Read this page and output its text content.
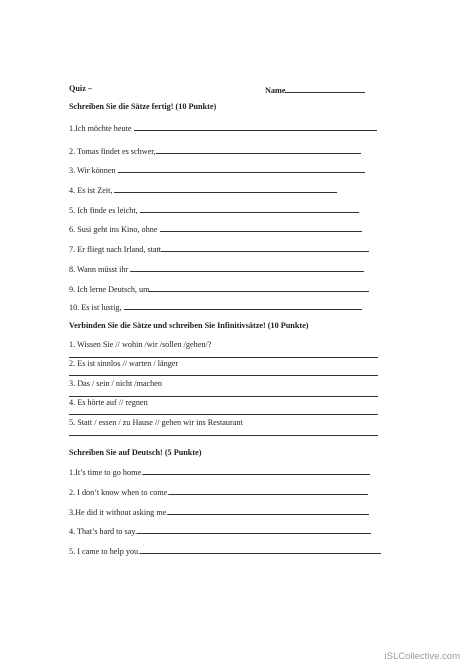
Quiz –	Name
Schreiben Sie die Sätze fertig! (10 Punkte)
1.Ich möchte heute
2. Tomas findet es schwer,
3. Wir können
4. Es ist Zeit,
5. Ich finde es leicht,
6. Susi geht ins Kino, ohne
7. Er fliegt nach Irland, statt
8. Wann müsst ihr
9. Ich lerne Deutsch, um
10. Es ist lustig,
Verbinden Sie die Sätze und schreiben Sie Infinitivsätze! (10 Punkte)
1. Wissen Sie // wohin /wir /sollen /gehen/?
2. Es ist sinnlos // warten / länger
3. Das / sein / nicht /machen
4. Es hörte auf // regnen
5. Statt / essen / zu Hause // gehen wir ins Restaurant
Schreiben Sie auf Deutsch! (5 Punkte)
1.It’s time to go home.
2. I don’t know when to come.
3.He did it without asking me.
4. That’s hard to say.
5. I came to help you.
iSLCollective.com
